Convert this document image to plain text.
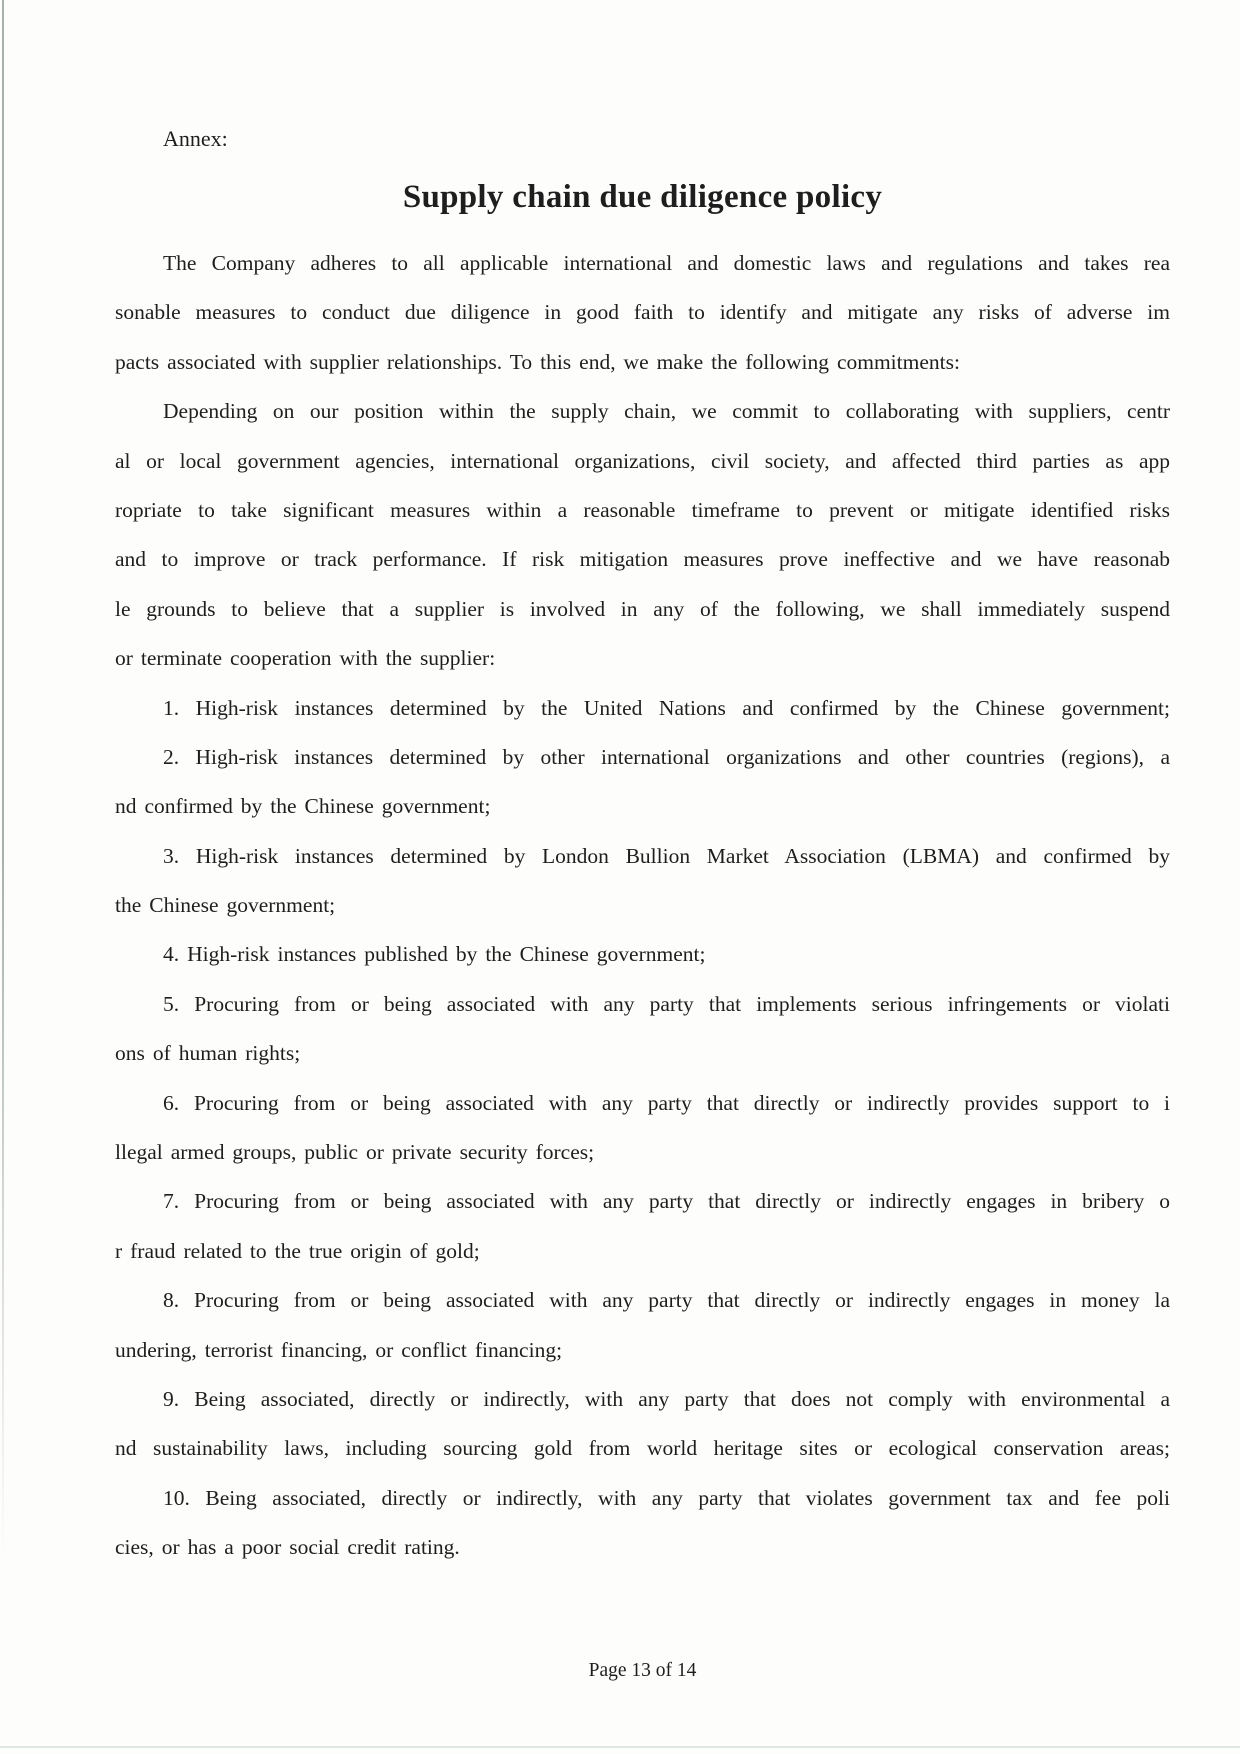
Annex:
Supply chain due diligence policy
The Company adheres to all applicable international and domestic laws and regulations and takes rea
sonable measures to conduct due diligence in good faith to identify and mitigate any risks of adverse im
pacts associated with supplier relationships. To this end, we make the following commitments:
Depending on our position within the supply chain, we commit to collaborating with suppliers, centr
al or local government agencies, international organizations, civil society, and affected third parties as app
ropriate to take significant measures within a reasonable timeframe to prevent or mitigate identified risks
and to improve or track performance. If risk mitigation measures prove ineffective and we have reasonab
le grounds to believe that a supplier is involved in any of the following, we shall immediately suspend
or terminate cooperation with the supplier:
1. High-risk instances determined by the United Nations and confirmed by the Chinese government;
2. High-risk instances determined by other international organizations and other countries (regions), a
nd confirmed by the Chinese government;
3. High-risk instances determined by London Bullion Market Association (LBMA) and confirmed by
the Chinese government;
4. High-risk instances published by the Chinese government;
5. Procuring from or being associated with any party that implements serious infringements or violati
ons of human rights;
6. Procuring from or being associated with any party that directly or indirectly provides support to i
llegal armed groups, public or private security forces;
7. Procuring from or being associated with any party that directly or indirectly engages in bribery o
r fraud related to the true origin of gold;
8. Procuring from or being associated with any party that directly or indirectly engages in money la
undering, terrorist financing, or conflict financing;
9. Being associated, directly or indirectly, with any party that does not comply with environmental a
nd sustainability laws, including sourcing gold from world heritage sites or ecological conservation areas;
10. Being associated, directly or indirectly, with any party that violates government tax and fee poli
cies, or has a poor social credit rating.
Page 13 of 14
